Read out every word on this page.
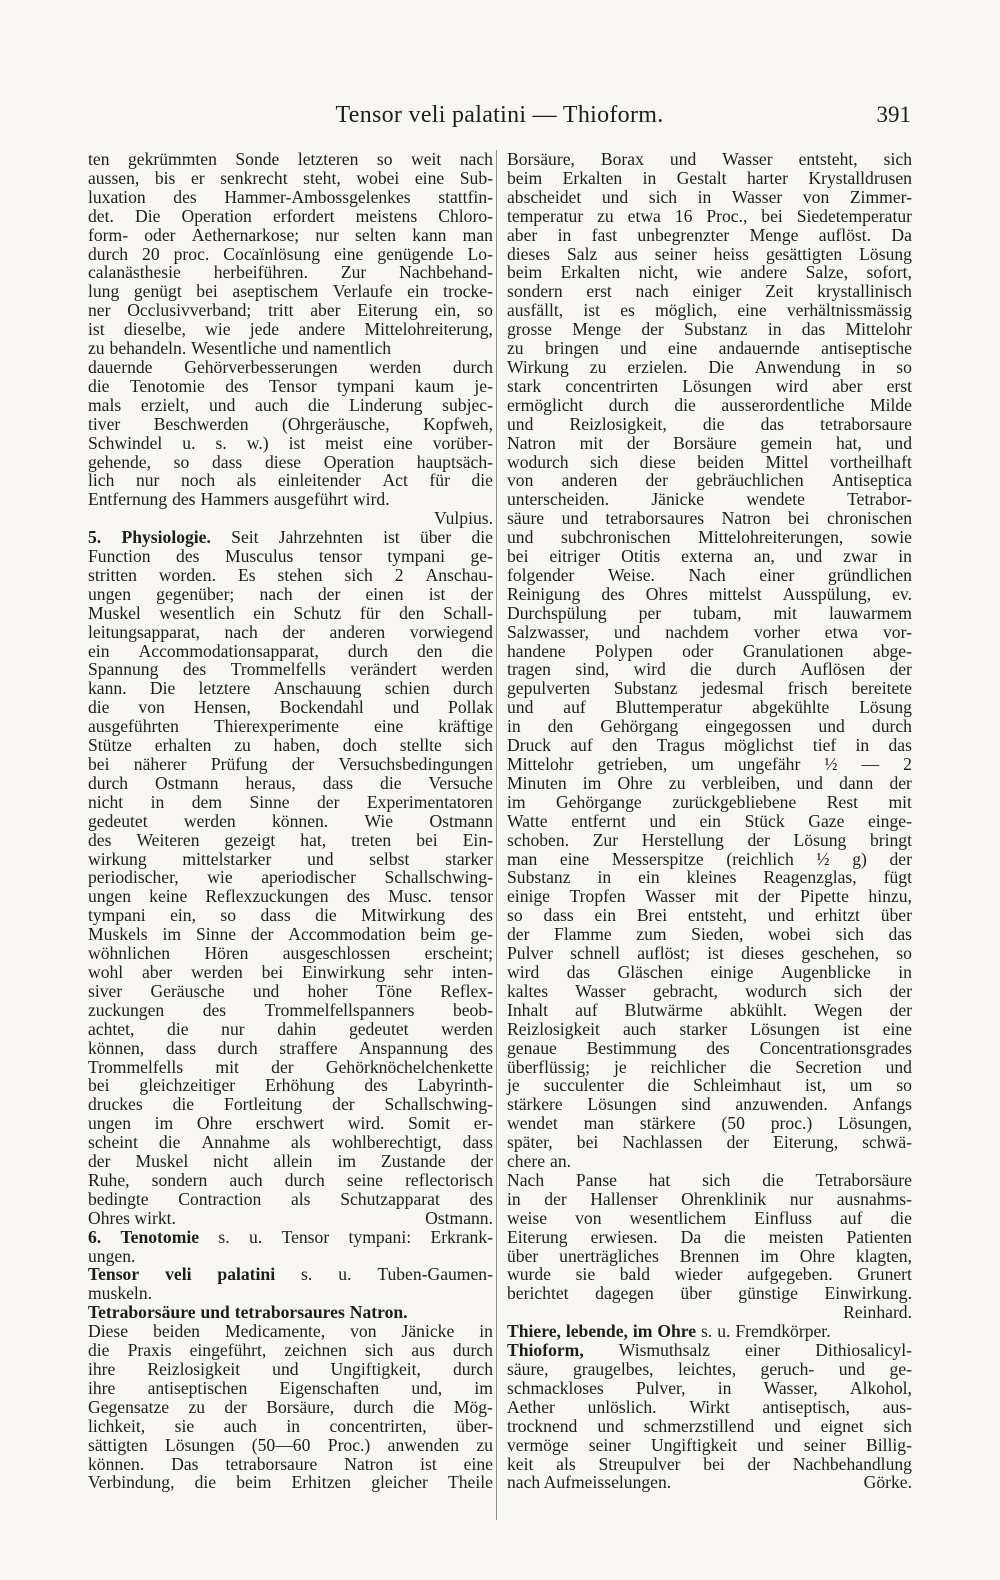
Tensor veli palatini — Thioform.	391
ten gekrümmten Sonde letzteren so weit nach
aussen, bis er senkrecht steht, wobei eine Sub-
luxation des Hammer-Ambossgelenkes stattfin-
det. Die Operation erfordert meistens Chloro-
form- oder Aethernarkose; nur selten kann man
durch 20 proc. Cocaïnlösung eine genügende Lo-
calanästhesie herbeiführen. Zur Nachbehand-
lung genügt bei aseptischem Verlaufe ein trocke-
ner Occlusivverband; tritt aber Eiterung ein, so
ist dieselbe, wie jede andere Mittelohreiterung,
zu behandeln. Wesentliche und namentlich
dauernde Gehörverbesserungen werden durch
die Tenotomie des Tensor tympani kaum je-
mals erzielt, und auch die Linderung subjec-
tiver Beschwerden (Ohrgeräusche, Kopfweh,
Schwindel u. s. w.) ist meist eine vorüber-
gehende, so dass diese Operation hauptsäch-
lich nur noch als einleitender Act für die
Entfernung des Hammers ausgeführt wird.
Vulpius.
5. Physiologie. Seit Jahrzehnten ist über die
Function des Musculus tensor tympani ge-
stritten worden. Es stehen sich 2 Anschau-
ungen gegenüber; nach der einen ist der
Muskel wesentlich ein Schutz für den Schall-
leitungsapparat, nach der anderen vorwiegend
ein Accommodationsapparat, durch den die
Spannung des Trommelfells verändert werden
kann. Die letztere Anschauung schien durch
die von Hensen, Bockendahl und Pollak
ausgeführten Thierexperimente eine kräftige
Stütze erhalten zu haben, doch stellte sich
bei näherer Prüfung der Versuchsbedingungen
durch Ostmann heraus, dass die Versuche
nicht in dem Sinne der Experimentatoren
gedeutet werden können. Wie Ostmann
des Weiteren gezeigt hat, treten bei Ein-
wirkung mittelstarker und selbst starker
periodischer, wie aperiodischer Schallschwing-
ungen keine Reflexzuckungen des Musc. tensor
tympani ein, so dass die Mitwirkung des
Muskels im Sinne der Accommodation beim ge-
wöhnlichen Hören ausgeschlossen erscheint;
wohl aber werden bei Einwirkung sehr inten-
siver Geräusche und hoher Töne Reflex-
zuckungen des Trommelfellspanners beob-
achtet, die nur dahin gedeutet werden
können, dass durch straffere Anspannung des
Trommelfells mit der Gehörknöchelchenkette
bei gleichzeitiger Erhöhung des Labyrinth-
druckes die Fortleitung der Schallschwing-
ungen im Ohre erschwert wird. Somit er-
scheint die Annahme als wohlberechtigt, dass
der Muskel nicht allein im Zustande der
Ruhe, sondern auch durch seine reflectorisch
bedingte Contraction als Schutzapparat des
Ohres wirkt.	Ostmann.
6. Tenotomie s. u. Tensor tympani: Erkrank-
ungen.
Tensor veli palatini s. u. Tuben-Gaumen-
muskeln.
Tetraborsäure und tetraborsaures Natron.
Diese beiden Medicamente, von Jänicke in
die Praxis eingeführt, zeichnen sich aus durch
ihre Reizlosigkeit und Ungiftigkeit, durch
ihre antiseptischen Eigenschaften und, im
Gegensatze zu der Borsäure, durch die Mög-
lichkeit, sie auch in concentrirten, über-
sättigten Lösungen (50—60 Proc.) anwenden zu
können. Das tetraborsaure Natron ist eine
Verbindung, die beim Erhitzen gleicher Theile
Borsäure, Borax und Wasser entsteht, sich
beim Erkalten in Gestalt harter Krystalldrusen
abscheidet und sich in Wasser von Zimmer-
temperatur zu etwa 16 Proc., bei Siedetemperatur
aber in fast unbegrenzter Menge auflöst. Da
dieses Salz aus seiner heiss gesättigten Lösung
beim Erkalten nicht, wie andere Salze, sofort,
sondern erst nach einiger Zeit krystallinisch
ausfällt, ist es möglich, eine verhältnissmässig
grosse Menge der Substanz in das Mittelohr
zu bringen und eine andauernde antiseptische
Wirkung zu erzielen. Die Anwendung in so
stark concentrirten Lösungen wird aber erst
ermöglicht durch die ausserordentliche Milde
und Reizlosigkeit, die das tetraborsaure
Natron mit der Borsäure gemein hat, und
wodurch sich diese beiden Mittel vortheilhaft
von anderen der gebräuchlichen Antiseptica
unterscheiden. Jänicke wendete Tetrabor-
säure und tetraborsaures Natron bei chronischen
und subchronischen Mittelohreiterungen, sowie
bei eitriger Otitis externa an, und zwar in
folgender Weise. Nach einer gründlichen
Reinigung des Ohres mittelst Ausspülung, ev.
Durchspülung per tubam, mit lauwarmem
Salzwasser, und nachdem vorher etwa vor-
handene Polypen oder Granulationen abge-
tragen sind, wird die durch Auflösen der
gepulverten Substanz jedesmal frisch bereitete
und auf Bluttemperatur abgekühlte Lösung
in den Gehörgang eingegossen und durch
Druck auf den Tragus möglichst tief in das
Mittelohr getrieben, um ungefähr ½ — 2
Minuten im Ohre zu verbleiben, und dann der
im Gehörgange zurückgebliebene Rest mit
Watte entfernt und ein Stück Gaze einge-
schoben. Zur Herstellung der Lösung bringt
man eine Messerspitze (reichlich ½ g) der
Substanz in ein kleines Reagenzglas, fügt
einige Tropfen Wasser mit der Pipette hinzu,
so dass ein Brei entsteht, und erhitzt über
der Flamme zum Sieden, wobei sich das
Pulver schnell auflöst; ist dieses geschehen, so
wird das Gläschen einige Augenblicke in
kaltes Wasser gebracht, wodurch sich der
Inhalt auf Blutwärme abkühlt. Wegen der
Reizlosigkeit auch starker Lösungen ist eine
genaue Bestimmung des Concentrationsgrades
überflüssig; je reichlicher die Secretion und
je succulenter die Schleimhaut ist, um so
stärkere Lösungen sind anzuwenden. Anfangs
wendet man stärkere (50 proc.) Lösungen,
später, bei Nachlassen der Eiterung, schwä-
chere an.
Nach Panse hat sich die Tetraborsäure
in der Hallenser Ohrenklinik nur ausnahms-
weise von wesentlichem Einfluss auf die
Eiterung erwiesen. Da die meisten Patienten
über unerträgliches Brennen im Ohre klagten,
wurde sie bald wieder aufgegeben. Grunert
berichtet dagegen über günstige Einwirkung.
Reinhard.
Thiere, lebende, im Ohre s. u. Fremdkörper.
Thioform, Wismuthsalz einer Dithiosalicyl-
säure, graugelbes, leichtes, geruch- und ge-
schmackloses Pulver, in Wasser, Alkohol,
Aether unlöslich. Wirkt antiseptisch, aus-
trocknend und schmerzstillend und eignet sich
vermöge seiner Ungiftigkeit und seiner Billig-
keit als Streupulver bei der Nachbehandlung
nach Aufmeisselungen.	Görke.
